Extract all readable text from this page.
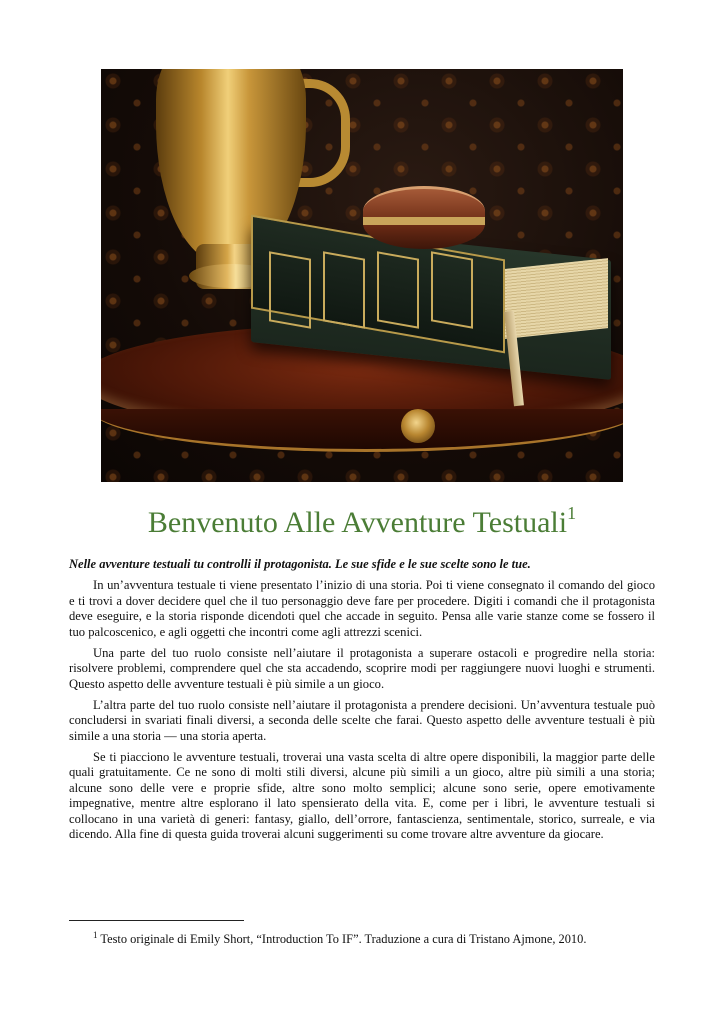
Benvenuto Alle Avventure Testuali$^1$

Nelle avventure testuali tu controlli il protagonista. Le sue sfide e le sue scelte sono le tue.

In un’avventura testuale ti viene presentato l’inizio di una storia. Poi ti viene consegnato il comando del gioco e ti trovi a dover decidere quel che il tuo personaggio deve fare per procedere. Digiti i comandi che il protagonista deve eseguire, e la storia risponde dicendoti quel che accade in seguito. Pensa alle varie stanze come se fossero il tuo palcoscenico, e agli oggetti che incontri come agli attrezzi scenici.

Una parte del tuo ruolo consiste nell’aiutare il protagonista a superare ostacoli e progredire nella storia: risolvere problemi, comprendere quel che sta accadendo, scoprire modi per raggiungere nuovi luoghi e strumenti. Questo aspetto delle avventure testuali è più simile a un gioco.

L’altra parte del tuo ruolo consiste nell’aiutare il protagonista a prendere decisioni. Un’avventura testuale può concludersi in svariati finali diversi, a seconda delle scelte che farai. Questo aspetto delle avventure testuali è più simile a una storia — una storia aperta.

Se ti piacciono le avventure testuali, troverai una vasta scelta di altre opere disponibili, la maggior parte delle quali gratuitamente. Ce ne sono di molti stili diversi, alcune più simili a un gioco, altre più simili a una storia; alcune sono delle vere e proprie sfide, altre sono molto semplici; alcune sono serie, opere emotivamente impegnative, mentre altre esplorano il lato spensierato della vita. E, come per i libri, le avventure testuali si collocano in una varietà di generi: fantasy, giallo, dell’orrore, fantascienza, sentimentale, storico, surreale, e via dicendo. Alla fine di questa guida troverai alcuni suggerimenti su come trovare altre avventure da giocare.

$^1$ Testo originale di Emily Short, “Introduction To IF”. Traduzione a cura di Tristano Ajmone, 2010.
